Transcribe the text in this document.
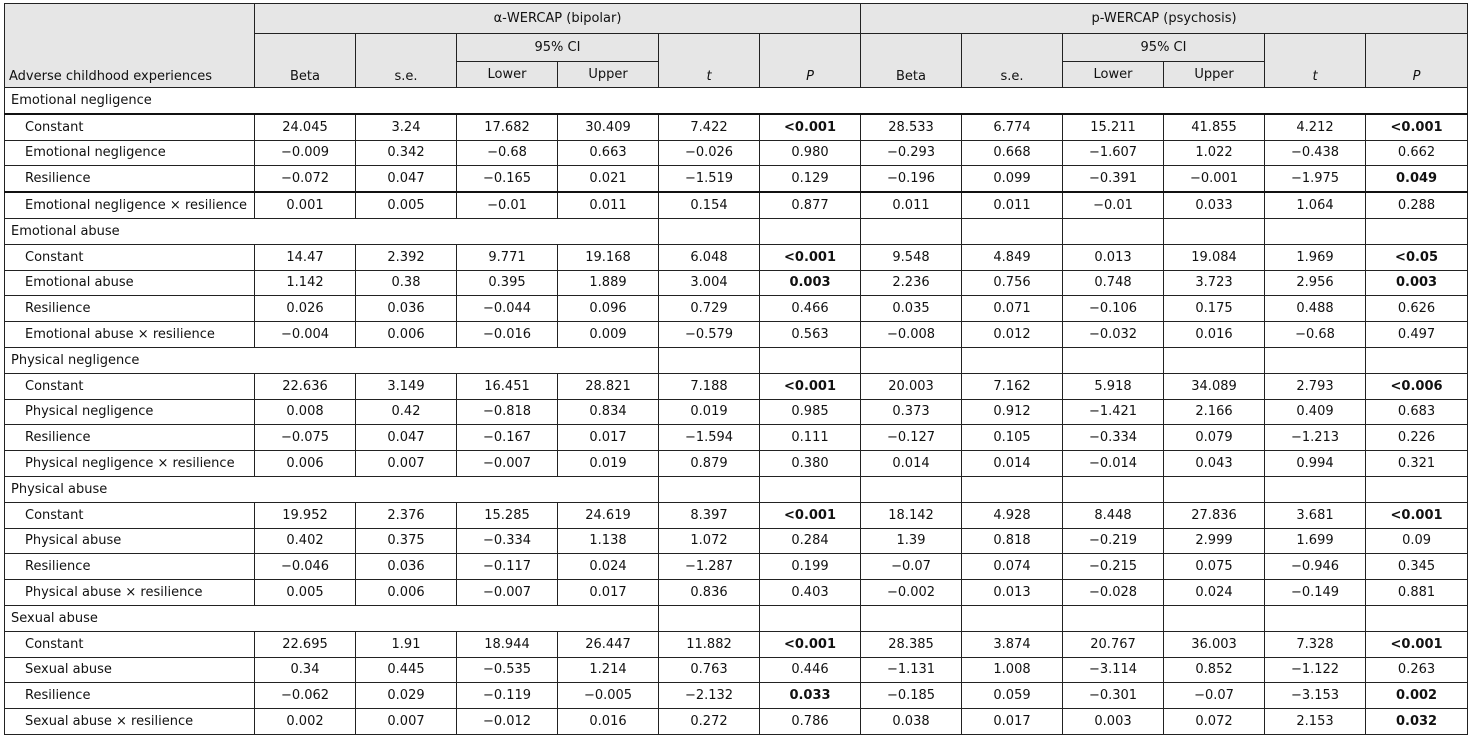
Adverse childhood experiences	α-WERCAP (bipolar)						p-WERCAP (psychosis)					
	Beta	s.e.	95% CI		t	P	Beta	s.e.	95% CI		t	P
			Lower	Upper					Lower	Upper		
Emotional negligence												
Constant	24.045	3.24	17.682	30.409	7.422	<0.001	28.533	6.774	15.211	41.855	4.212	<0.001
Emotional negligence	−0.009	0.342	−0.68	0.663	−0.026	0.980	−0.293	0.668	−1.607	1.022	−0.438	0.662
Resilience	−0.072	0.047	−0.165	0.021	−1.519	0.129	−0.196	0.099	−0.391	−0.001	−1.975	0.049
Emotional negligence × resilience	0.001	0.005	−0.01	0.011	0.154	0.877	0.011	0.011	−0.01	0.033	1.064	0.288
Emotional abuse												
Constant	14.47	2.392	9.771	19.168	6.048	<0.001	9.548	4.849	0.013	19.084	1.969	<0.05
Emotional abuse	1.142	0.38	0.395	1.889	3.004	0.003	2.236	0.756	0.748	3.723	2.956	0.003
Resilience	0.026	0.036	−0.044	0.096	0.729	0.466	0.035	0.071	−0.106	0.175	0.488	0.626
Emotional abuse × resilience	−0.004	0.006	−0.016	0.009	−0.579	0.563	−0.008	0.012	−0.032	0.016	−0.68	0.497
Physical negligence												
Constant	22.636	3.149	16.451	28.821	7.188	<0.001	20.003	7.162	5.918	34.089	2.793	<0.006
Physical negligence	0.008	0.42	−0.818	0.834	0.019	0.985	0.373	0.912	−1.421	2.166	0.409	0.683
Resilience	−0.075	0.047	−0.167	0.017	−1.594	0.111	−0.127	0.105	−0.334	0.079	−1.213	0.226
Physical negligence × resilience	0.006	0.007	−0.007	0.019	0.879	0.380	0.014	0.014	−0.014	0.043	0.994	0.321
Physical abuse												
Constant	19.952	2.376	15.285	24.619	8.397	<0.001	18.142	4.928	8.448	27.836	3.681	<0.001
Physical abuse	0.402	0.375	−0.334	1.138	1.072	0.284	1.39	0.818	−0.219	2.999	1.699	0.09
Resilience	−0.046	0.036	−0.117	0.024	−1.287	0.199	−0.07	0.074	−0.215	0.075	−0.946	0.345
Physical abuse × resilience	0.005	0.006	−0.007	0.017	0.836	0.403	−0.002	0.013	−0.028	0.024	−0.149	0.881
Sexual abuse												
Constant	22.695	1.91	18.944	26.447	11.882	<0.001	28.385	3.874	20.767	36.003	7.328	<0.001
Sexual abuse	0.34	0.445	−0.535	1.214	0.763	0.446	−1.131	1.008	−3.114	0.852	−1.122	0.263
Resilience	−0.062	0.029	−0.119	−0.005	−2.132	0.033	−0.185	0.059	−0.301	−0.07	−3.153	0.002
Sexual abuse × resilience	0.002	0.007	−0.012	0.016	0.272	0.786	0.038	0.017	0.003	0.072	2.153	0.032
